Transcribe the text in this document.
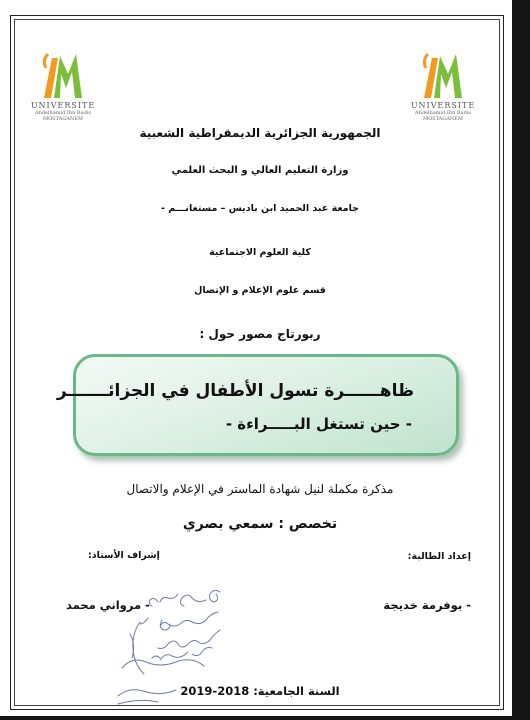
UNIVERSITE
Abdelhamid Ibn Badis
MOSTAGANEM
UNIVERSITE
Abdelhamid Ibn Badis
MOSTAGANEM
الجمهورية الجزائرية الديمقراطية الشعبية
وزارة التعليم العالي و البحث العلمي
جامعة عبد الحميد ابن باديس – مستغانـــم -
كلية العلوم الاجتماعية
قسم علوم الإعلام و الإتصال
ربورتاج مصور حول :
ظاهــــــرة تسول الأطفال في الجزائـــــــر
- حين تستغل البـــــراءة -
مذكرة مكملة لنيل شهادة الماستر في الإعلام والاتصال
تخصص : سمعي بصري
إعداد الطالبة:
إشراف الأستاذ:
- بوفرمة خديجة
- مرواني محمد
السنة الجامعية: 2018-2019
